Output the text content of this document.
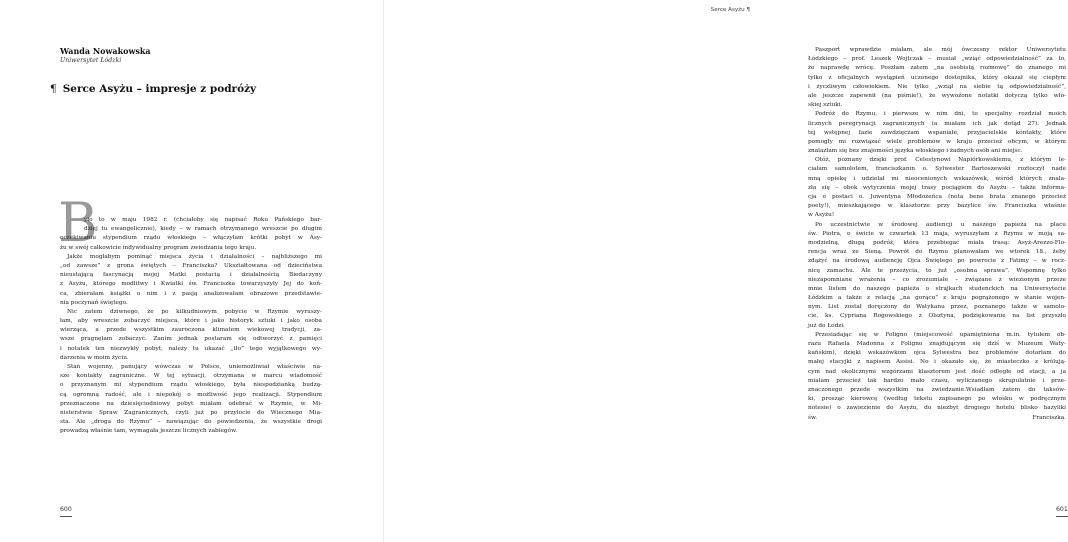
Wanda Nowakowska
Uniwersytet Łódzki
¶ Serce Asyżu – impresje z podróży
B
yło to w maju 1982 r. (chciałoby się napisać Roku Pańskiego bar-
dziej tu ewangelicznie), kiedy – w ramach otrzymanego wreszcie po długim
oczekiwaniu stypendium rządu włoskiego – włączyłam krótki pobyt w Asy-
żu w swój całkowicie indywidualny program zwiedzania tego kraju.
Jakże mogłabym pominąć miejsca życia i działalności – najbliższego mi
„od zawsze” z grona świętych – Franciszka? Ukształtowana od dzieciństwa
nieustającą fascynacją mojej Matki postacią i działalnością Biedaczyny
z Asyżu, którego modlitwy i Kwiatki św. Franciszka towarzyszyły Jej do koń-
ca, zbierałam książki o nim i z pasją analizowałam obrazowe przedstawie-
nia poczynań świętego.
Nic zatem dziwnego, że po kilkudniowym pobycie w Rzymie wyruszy-
łam, aby wreszcie zobaczyć miejsca, które i jako historyk sztuki i jako osoba
wierząca, a przede wszystkim zauroczona klimatem wiekowej tradycji, za-
wsze pragnęłam zobaczyć. Zanim jednak postaram się odtworzyć z pamięci
i notatek ten niezwykły pobyt, należy tu ukazać „tło” tego wyjątkowego wy-
darzenia w moim życiu.
Stan wojenny, panujący wówczas w Polsce, uniemożliwiał właściwie na-
sze kontakty zagraniczne. W tej sytuacji, otrzymana w marcu wiadomość
o przyznanym mi stypendium rządu włoskiego, była niespodzianką budzą-
cą ogromną radość, ale i niepokój o możliwość jego realizacji. Stypendium
przeznaczone na dziesięciodniowy pobyt miałam odebrać w Rzymie, w Mi-
nisterstwie Spraw Zagranicznych, czyli już po przylocie do Wiecznego Mia-
sta. Ale „droga do Rzymu” – nawiązując do powiedzenia, że wszystkie drogi
prowadzą właśnie tam, wymagała jeszcze licznych zabiegów.
600
Serce Asyżu ¶
Paszport wprawdzie miałam, ale mój ówczesny rektor Uniwersytetu
Łódzkiego – prof. Leszek Wojtczak – musiał „wziąć odpowiedzialność” za to,
że naprawdę wrócę. Poszłam zatem „na osobistą rozmowę” do znanego mi
tylko z oficjalnych wystąpień uczonego dostojnika, który okazał się ciepłym
i życzliwym człowiekiem. Nie tylko „wziął na siebie tą odpowiedzialność”,
ale jeszcze zapewnił (na piśmie!), że wywoźone notatki dotyczą tylko wło-
skiej sztuki.
Podróż do Rzymu, i pierwsze w nim dni, to specjalny rozdział moich
licznych peregrynacji zagranicznych (a miałam ich jak dotąd 27). Jednak
tej wstępnej fazie zawdzięczam wspaniałe, przyjacielskie kontakty, które
pomogły mi rozwiązać wiele problemów w kraju przecież obcym, w którym
znalazłam się bez znajomości języka włoskiego i żadnych osób ani miejsc.
Otóż, poznany dzięki prof. Celestynowi Napiórkowskiemu, z którym le-
ciałam samolotem, franciszkanin o. Sylwester Bartoszewski roztoczył nade
mną opiekę i udzielał mi nieocenionych wskazówek, wśród których znala-
zła się – obok wytyczenia mojej trasy pociągiem do Asyżu – także informa-
cja o postaci o. Juwentyna Młodożeńca (nota bene brata znanego przecież
poety!), mieszkającego w klasztorze przy bazylice św. Franciszka właśnie
w Asyżu!
Po uczestnictwie w środowej audiencji u naszego papieża na placu
św. Piotra, o świcie w czwartek 13 maja, wyruszyłam z Rzymu w moją sa-
modzielną, długą podróż, która przebiegać miała trasą: Asyż-Arezzo-Flo-
rencja wraz ze Sieną. Powrót do Rzymu planowałam we wtorek 18., żeby
zdążyć na środową audiencję Ojca Świętego po powrocie z Fatimy – w rocz-
nicę zamachu. Ale te przeżycia, to już „osobna sprawa”. Wspomnę tylko
niezapomniane wrażenia – co zrozumiałe – związane z wiezionym przeze
mnie listem do naszego papieża o strajkach studenckich na Uniwersytecie
Łódzkim a także z relacją „na gorąco” z kraju pogrążonego w stanie wojen-
nym. List został doręczony do Watykanu przez, poznanego także w samolo-
cie, ks. Cypriana Rogowskiego z Olsztyna, podziękowanie na list przyszło
już do Łodzi.
Przesiadając się w Foligno (miejscowość upamiętniona m.in. tytułem ob-
razu Rafaela Madonna z Foligno znajdującym się dziś w Muzeum Waty-
kańskim), dzięki wskazówkom ojca Sylwestra bez problemów dotarłam do
małej stacyjki z napisem Assisi. No i okazało się, że miasteczko z królują-
cym nad okolicznymi wzgórzami klasztorem jest dość odległe od stacji, a ja
miałam przecież tak bardzo mało czasu, wyliczanego skrupulatnie i prze-
znaczonego przede wszystkim na zwiedzanie.Wsiadłam zatem do taksów-
ki, prosząc kierowcę (według tekstu zapisanego po włosku w podręcznym
notesie) o zawiezienie do Asyżu, do niezbyt drogiego hotelu blisko bazyliki
św. Franciszka.
601
